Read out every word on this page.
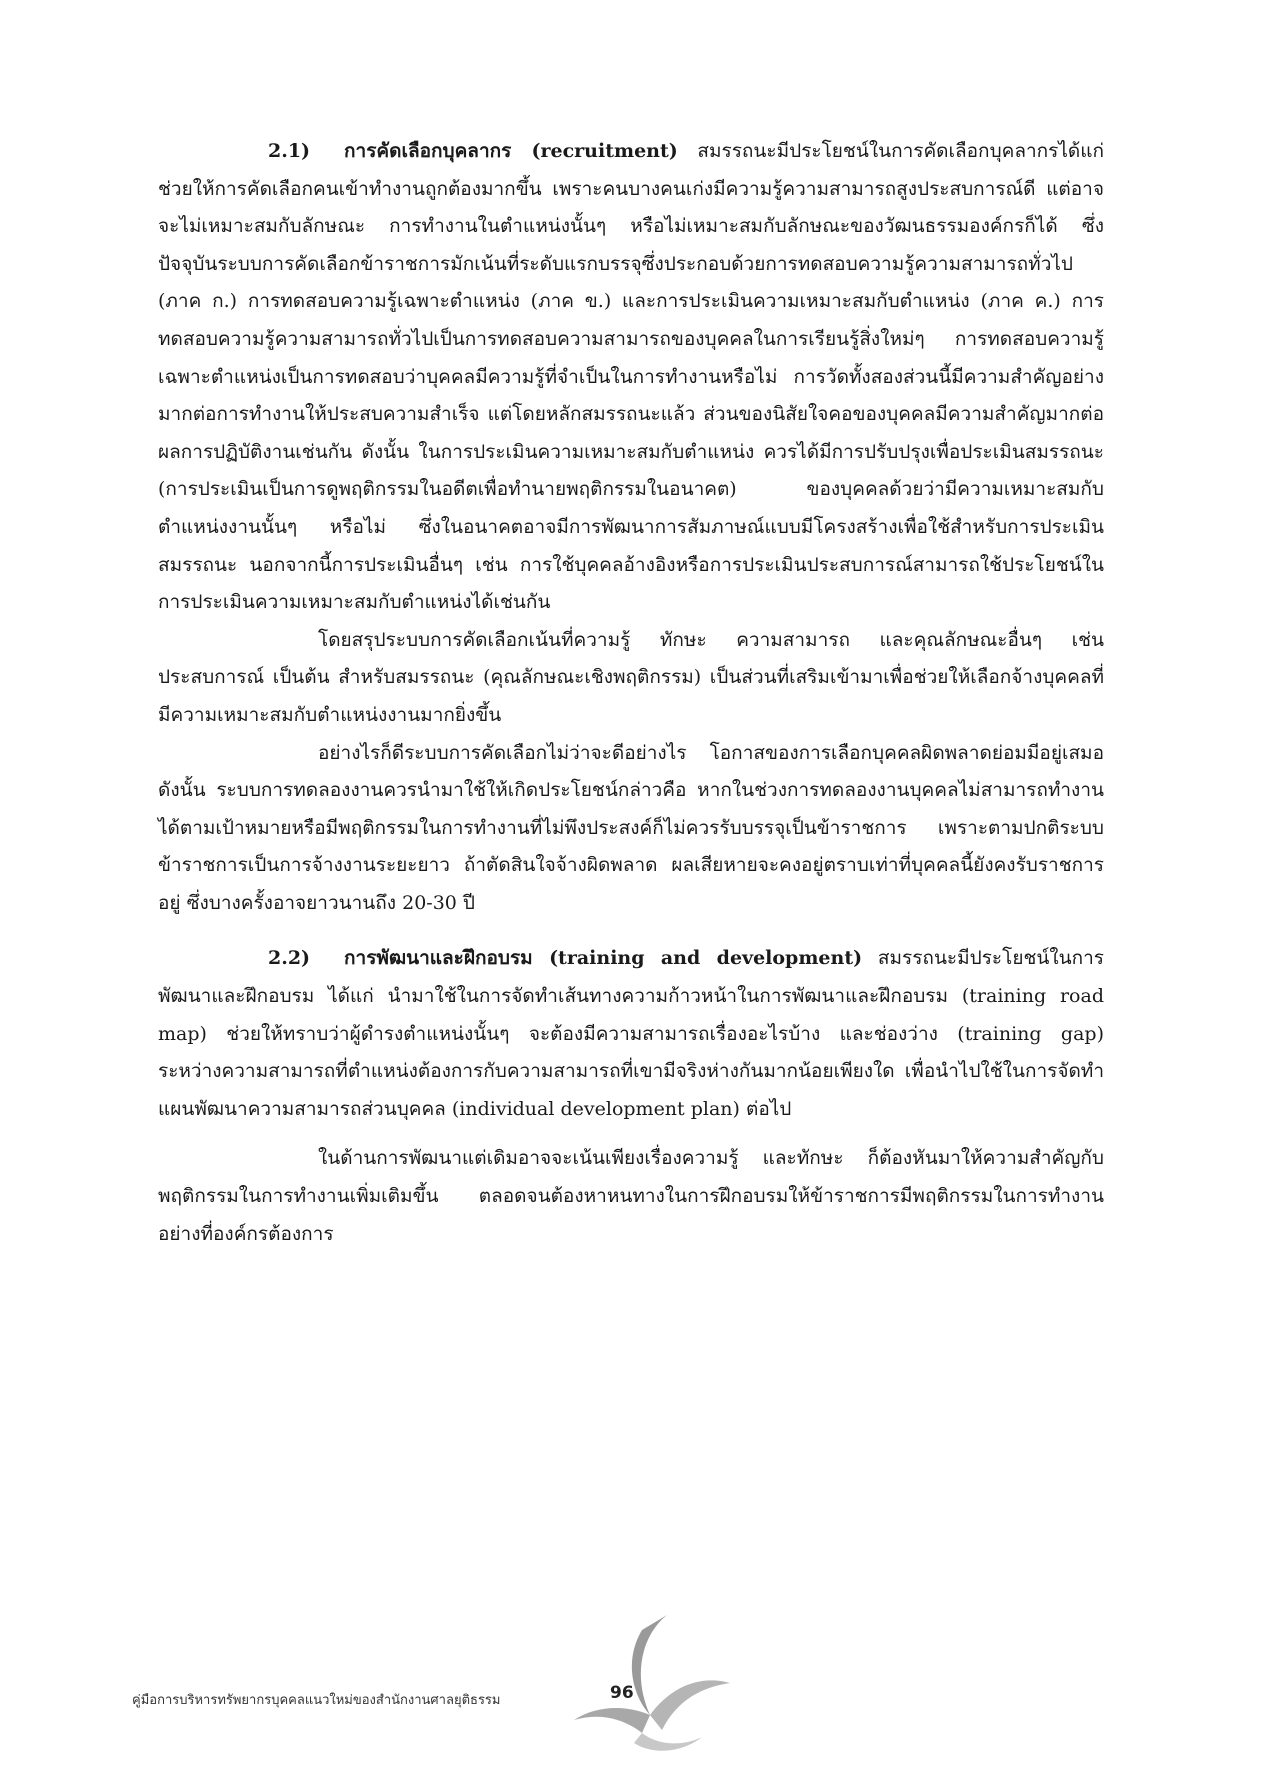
2.1) การคัดเลือกบุคลากร (recruitment) สมรรถนะมีประโยชน์ในการคัดเลือกบุคลากรได้แก่ ช่วยให้การคัดเลือกคนเข้าทำงานถูกต้องมากขึ้น เพราะคนบางคนเก่งมีความรู้ความสามารถสูงประสบการณ์ดี แต่อาจจะไม่เหมาะสมกับลักษณะ การทำงานในตำแหน่งนั้นๆ หรือไม่เหมาะสมกับลักษณะของวัฒนธรรมองค์กรก็ได้ ซึ่งปัจจุบันระบบการคัดเลือกข้าราชการมักเน้นที่ระดับแรกบรรจุซึ่งประกอบด้วยการทดสอบความรู้ความสามารถทั่วไป (ภาค ก.) การทดสอบความรู้เฉพาะตำแหน่ง (ภาค ข.) และการประเมินความเหมาะสมกับตำแหน่ง (ภาค ค.) การทดสอบความรู้ความสามารถทั่วไปเป็นการทดสอบความสามารถของบุคคลในการเรียนรู้สิ่งใหม่ๆ การทดสอบความรู้เฉพาะตำแหน่งเป็นการทดสอบว่าบุคคลมีความรู้ที่จำเป็นในการทำงานหรือไม่ การวัดทั้งสองส่วนนี้มีความสำคัญอย่างมากต่อการทำงานให้ประสบความสำเร็จ แต่โดยหลักสมรรถนะแล้ว ส่วนของนิสัยใจคอของบุคคลมีความสำคัญมากต่อผลการปฏิบัติงานเช่นกัน ดังนั้น ในการประเมินความเหมาะสมกับตำแหน่ง ควรได้มีการปรับปรุงเพื่อประเมินสมรรถนะ (การประเมินเป็นการดูพฤติกรรมในอดีตเพื่อทำนายพฤติกรรมในอนาคต) ของบุคคลด้วยว่ามีความเหมาะสมกับตำแหน่งงานนั้นๆ หรือไม่ ซึ่งในอนาคตอาจมีการพัฒนาการสัมภาษณ์แบบมีโครงสร้างเพื่อใช้สำหรับการประเมินสมรรถนะ นอกจากนี้การประเมินอื่นๆ เช่น การใช้บุคคลอ้างอิงหรือการประเมินประสบการณ์สามารถใช้ประโยชน์ในการประเมินความเหมาะสมกับตำแหน่งได้เช่นกัน

โดยสรุประบบการคัดเลือกเน้นที่ความรู้ ทักษะ ความสามารถ และคุณลักษณะอื่นๆ เช่น ประสบการณ์ เป็นต้น สำหรับสมรรถนะ (คุณลักษณะเชิงพฤติกรรม) เป็นส่วนที่เสริมเข้ามาเพื่อช่วยให้เลือกจ้างบุคคลที่มีความเหมาะสมกับตำแหน่งงานมากยิ่งขึ้น

อย่างไรก็ดีระบบการคัดเลือกไม่ว่าจะดีอย่างไร โอกาสของการเลือกบุคคลผิดพลาดย่อมมีอยู่เสมอ ดังนั้น ระบบการทดลองงานควรนำมาใช้ให้เกิดประโยชน์กล่าวคือ หากในช่วงการทดลองงานบุคคลไม่สามารถทำงานได้ตามเป้าหมายหรือมีพฤติกรรมในการทำงานที่ไม่พึงประสงค์ก็ไม่ควรรับบรรจุเป็นข้าราชการ เพราะตามปกติระบบข้าราชการเป็นการจ้างงานระยะยาว ถ้าตัดสินใจจ้างผิดพลาด ผลเสียหายจะคงอยู่ตราบเท่าที่บุคคลนี้ยังคงรับราชการอยู่ ซึ่งบางครั้งอาจยาวนานถึง 20-30 ปี

2.2) การพัฒนาและฝึกอบรม (training and development) สมรรถนะมีประโยชน์ในการพัฒนาและฝึกอบรม ได้แก่ นำมาใช้ในการจัดทำเส้นทางความก้าวหน้าในการพัฒนาและฝึกอบรม (training road map) ช่วยให้ทราบว่าผู้ดำรงตำแหน่งนั้นๆ จะต้องมีความสามารถเรื่องอะไรบ้าง และช่องว่าง (training gap) ระหว่างความสามารถที่ตำแหน่งต้องการกับความสามารถที่เขามีจริงห่างกันมากน้อยเพียงใด เพื่อนำไปใช้ในการจัดทำแผนพัฒนาความสามารถส่วนบุคคล (individual development plan) ต่อไป

ในด้านการพัฒนาแต่เดิมอาจจะเน้นเพียงเรื่องความรู้ และทักษะ ก็ต้องหันมาให้ความสำคัญกับพฤติกรรมในการทำงานเพิ่มเติมขึ้น ตลอดจนต้องหาหนทางในการฝึกอบรมให้ข้าราชการมีพฤติกรรมในการทำงานอย่างที่องค์กรต้องการ

คู่มือการบริหารทรัพยากรบุคคลแนวใหม่ของสำนักงานศาลยุติธรรม	96
